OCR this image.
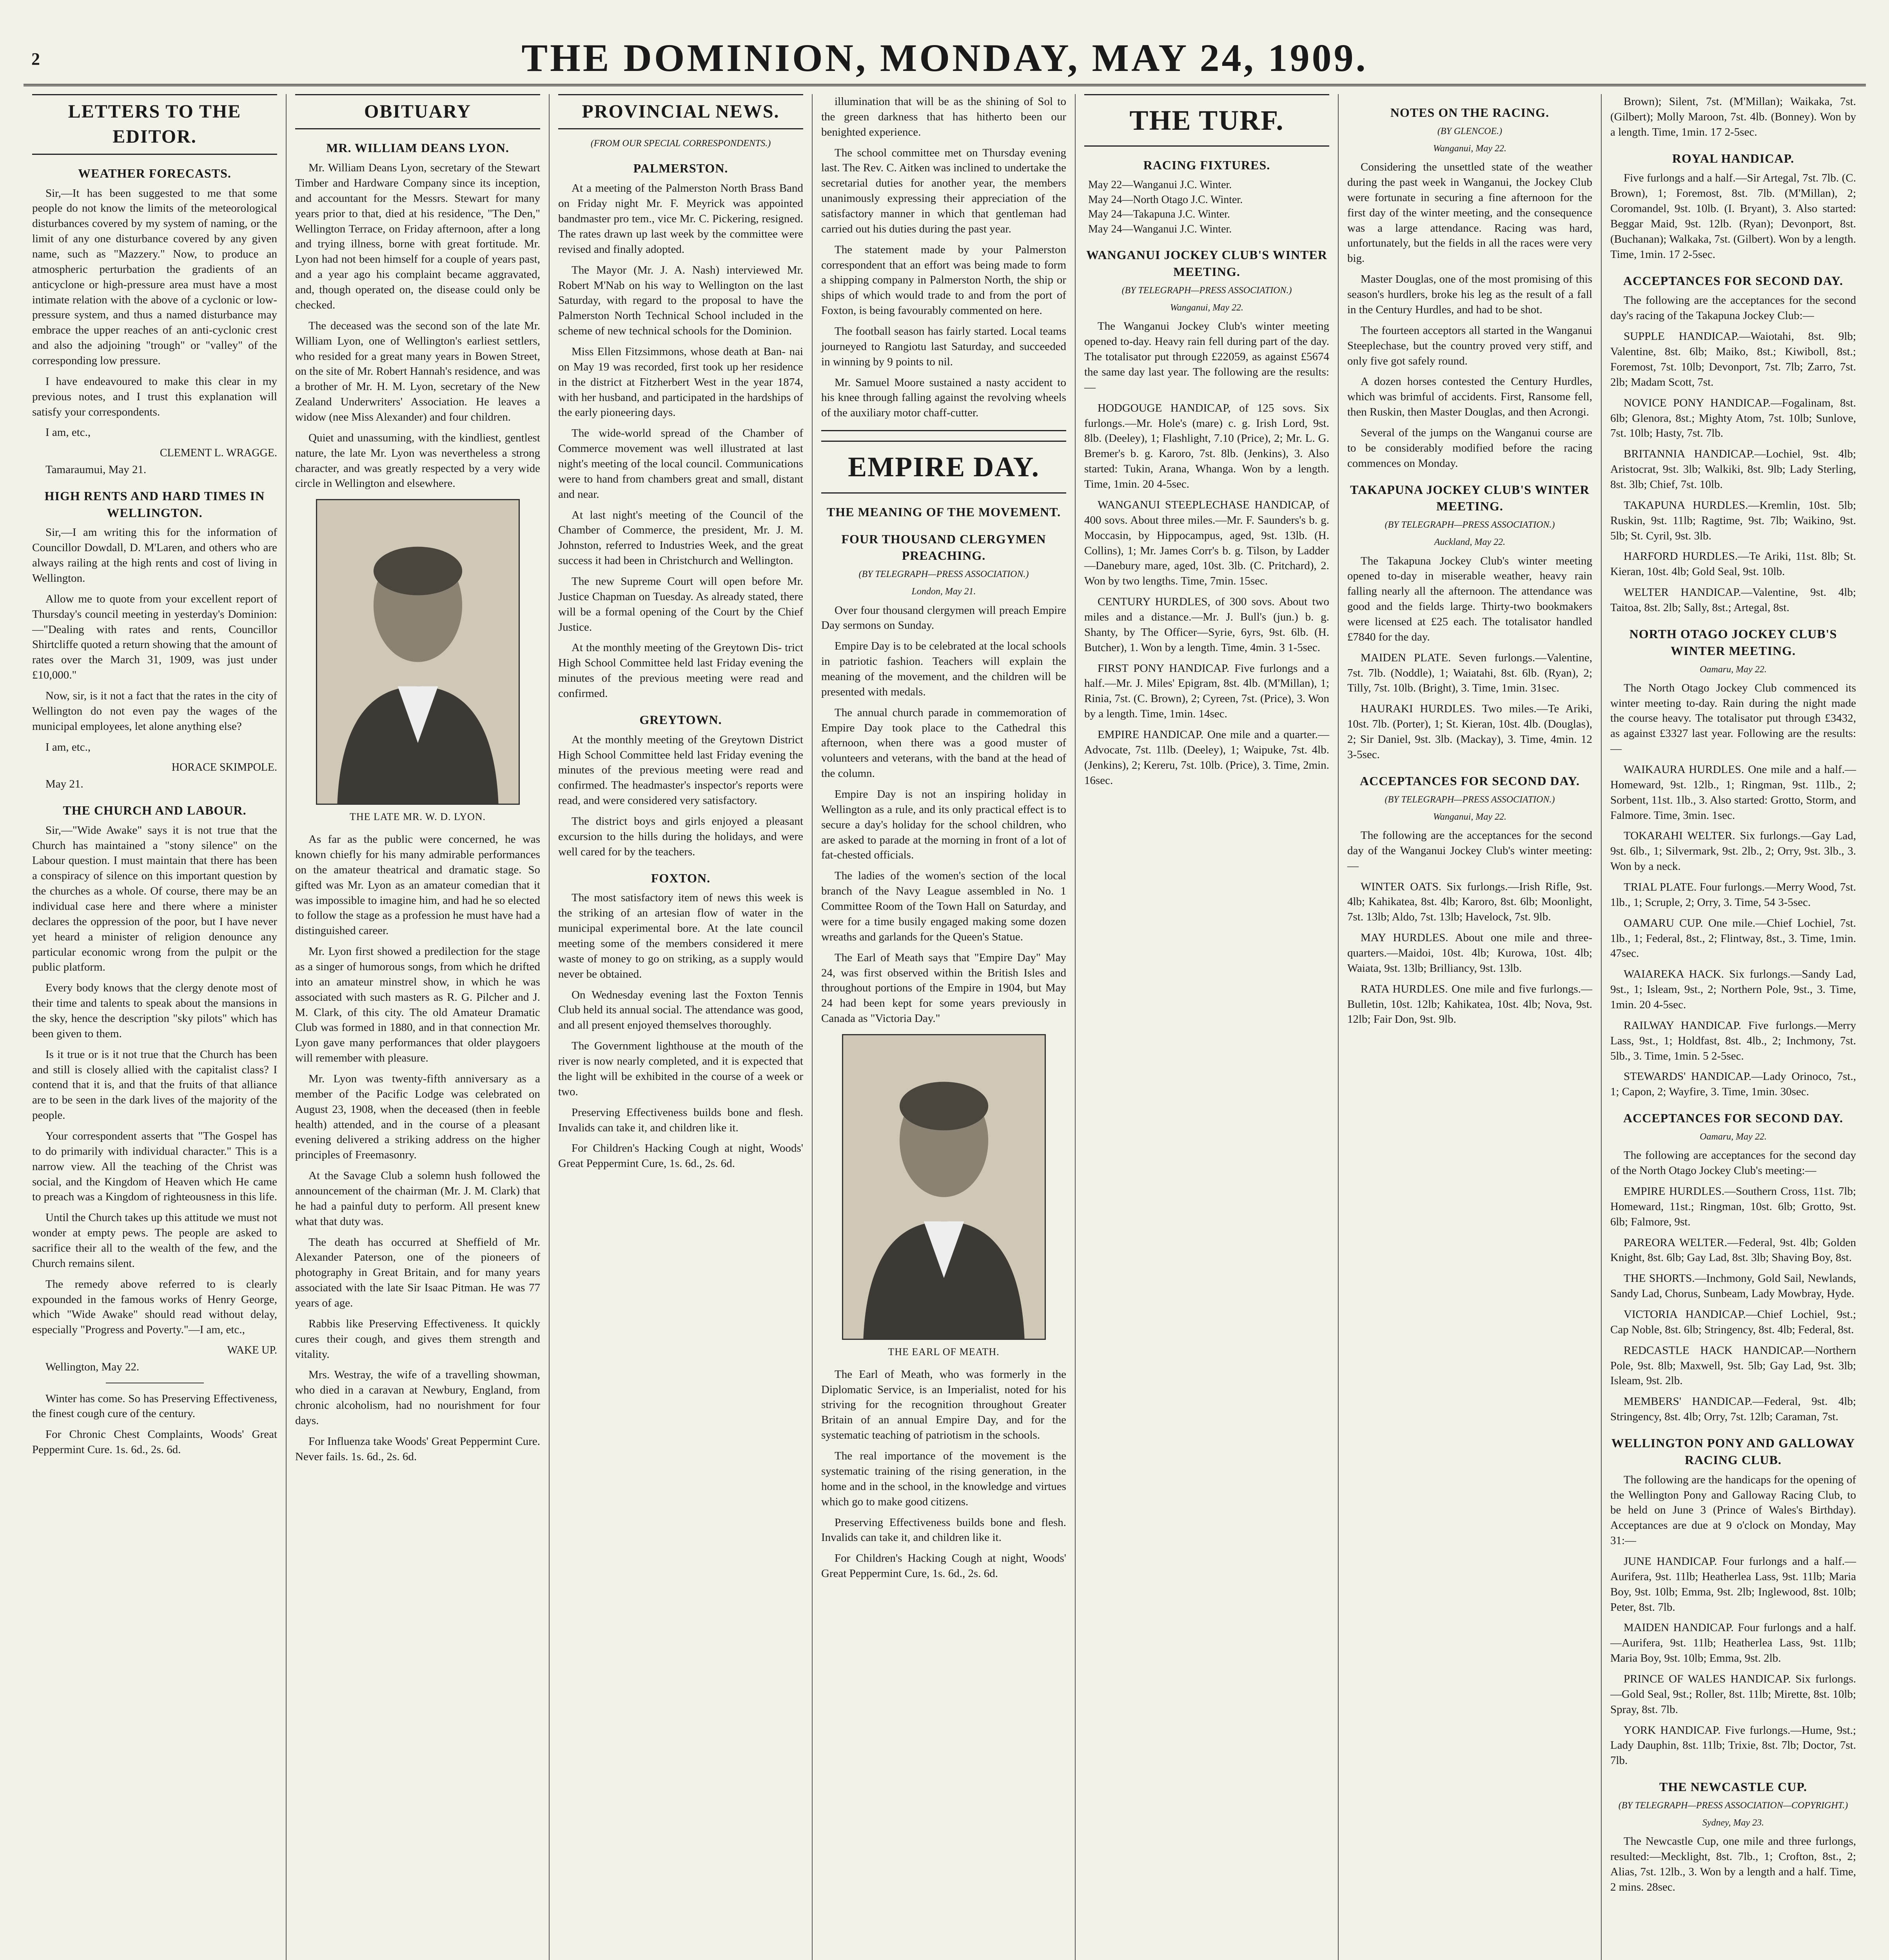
2	THE DOMINION, MONDAY, MAY 24, 1909.
LETTERS TO THE EDITOR.
WEATHER FORECASTS.

Sir,—It has been suggested to me that some people do not know the limits of the meteorological disturbances covered by my system of naming, or the limit of any one disturbance covered by any given name, such as "Mazzery." Now, to produce an atmospheric perturbation the gradients of an anticyclone or high-pressure area must have a most intimate relation with the above of a cyclonic or low-pressure system, and thus a named disturbance may embrace the upper reaches of an anti-cyclonic crest and also the adjoining "trough" or "valley" of the corresponding low pressure.

I have endeavoured to make this clear in my previous notes, and I trust this explanation will satisfy your correspondents.

I am, etc.,

CLEMENT L. WRAGGE.

Tamaraumui, May 21.

HIGH RENTS AND HARD TIMES IN WELLINGTON.

Sir,—I am writing this for the information of Councillor Dowdall, D. M'Laren, and others who are always railing at the high rents and cost of living in Wellington.

Allow me to quote from your excellent report of Thursday's council meeting in yesterday's Dominion:—"Dealing with rates and rents, Councillor Shirtcliffe quoted a return showing that the amount of rates over the March 31, 1909, was just under £10,000."

Now, sir, is it not a fact that the rates in the city of Wellington do not even pay the wages of the municipal employees, let alone anything else?

I am, etc.,

HORACE SKIMPOLE.

May 21.

THE CHURCH AND LABOUR.

Sir,—"Wide Awake" says it is not true that the Church has maintained a "stony silence" on the Labour question. I must maintain that there has been a conspiracy of silence on this important question by the churches as a whole. Of course, there may be an individual case here and there where a minister declares the oppression of the poor, but I have never yet heard a minister of religion denounce any particular economic wrong from the pulpit or the public platform.

Every body knows that the clergy denote most of their time and talents to speak about the mansions in the sky, hence the description "sky pilots" which has been given to them.

Is it true or is it not true that the Church has been and still is closely allied with the capitalist class? I contend that it is, and that the fruits of that alliance are to be seen in the dark lives of the majority of the people.

Your correspondent asserts that "The Gospel has to do primarily with individual character." This is a narrow view. All the teaching of the Christ was social, and the Kingdom of Heaven which He came to preach was a Kingdom of righteousness in this life.

Until the Church takes up this attitude we must not wonder at empty pews. The people are asked to sacrifice their all to the wealth of the few, and the Church remains silent.

The remedy above referred to is clearly expounded in the famous works of Henry George, which "Wide Awake" should read without delay, especially "Progress and Poverty."—I am, etc.,

WAKE UP.

Wellington, May 22.

Winter has come. So has Preserving Effectiveness, the finest cough cure of the century.

For Chronic Chest Complaints, Woods' Great Peppermint Cure. 1s. 6d., 2s. 6d.

OBITUARY
MR. WILLIAM DEANS LYON.

Mr. William Deans Lyon, secretary of the Stewart Timber and Hardware Company since its inception, and accountant for the Messrs. Stewart for many years prior to that, died at his residence, "The Den," Wellington Terrace, on Friday afternoon, after a long and trying illness, borne with great fortitude. Mr. Lyon had not been himself for a couple of years past, and a year ago his complaint became aggravated, and, though operated on, the disease could only be checked.

The deceased was the second son of the late Mr. William Lyon, one of Wellington's earliest settlers, who resided for a great many years in Bowen Street, on the site of Mr. Robert Hannah's residence, and was a brother of Mr. H. M. Lyon, secretary of the New Zealand Underwriters' Association. He leaves a widow (nee Miss Alexander) and four children.

Quiet and unassuming, with the kindliest, gentlest nature, the late Mr. Lyon was nevertheless a strong character, and was greatly respected by a very wide circle in Wellington and elsewhere.

THE LATE MR. W. D. LYON.

As far as the public were concerned, he was known chiefly for his many admirable performances on the amateur theatrical and dramatic stage. So gifted was Mr. Lyon as an amateur comedian that it was impossible to imagine him, and had he so elected to follow the stage as a profession he must have had a distinguished career.

Mr. Lyon first showed a predilection for the stage as a singer of humorous songs, from which he drifted into an amateur minstrel show, in which he was associated with such masters as R. G. Pilcher and J. M. Clark, of this city. The old Amateur Dramatic Club was formed in 1880, and in that connection Mr. Lyon gave many performances that older playgoers will remember with pleasure.

Mr. Lyon was twenty-fifth anniversary as a member of the Pacific Lodge was celebrated on August 23, 1908, when the deceased (then in feeble health) attended, and in the course of a pleasant evening delivered a striking address on the higher principles of Freemasonry.

At the Savage Club a solemn hush followed the announcement of the chairman (Mr. J. M. Clark) that he had a painful duty to perform. All present knew what that duty was.

The death has occurred at Sheffield of Mr. Alexander Paterson, one of the pioneers of photography in Great Britain, and for many years associated with the late Sir Isaac Pitman. He was 77 years of age.

Rabbis like Preserving Effectiveness. It quickly cures their cough, and gives them strength and vitality.

Mrs. Westray, the wife of a travelling showman, who died in a caravan at Newbury, England, from chronic alcoholism, had no nourishment for four days.

For Influenza take Woods' Great Peppermint Cure. Never fails. 1s. 6d., 2s. 6d.

PROVINCIAL NEWS.
(FROM OUR SPECIAL CORRESPONDENTS.)
PALMERSTON.

At a meeting of the Palmerston North Brass Band on Friday night Mr. F. Meyrick was appointed bandmaster pro tem., vice Mr. C. Pickering, resigned. The rates drawn up last week by the committee were revised and finally adopted.

The Mayor (Mr. J. A. Nash) interviewed Mr. Robert M'Nab on his way to Wellington on the last Saturday, with regard to the proposal to have the Palmerston North Technical School included in the scheme of new technical schools for the Dominion.

Miss Ellen Fitzsimmons, whose death at Ban- nai on May 19 was recorded, first took up her residence in the district at Fitzherbert West in the year 1874, with her husband, and participated in the hardships of the early pioneering days.

The wide-world spread of the Chamber of Commerce movement was well illustrated at last night's meeting of the local council. Communications were to hand from chambers great and small, distant and near.

At last night's meeting of the Council of the Chamber of Commerce, the president, Mr. J. M. Johnston, referred to Industries Week, and the great success it had been in Christchurch and Wellington.

The new Supreme Court will open before Mr. Justice Chapman on Tuesday. As already stated, there will be a formal opening of the Court by the Chief Justice.

At the monthly meeting of the Greytown Dis- trict High School Committee held last Friday evening the minutes of the previous meeting were read and confirmed.

GREYTOWN.

At the monthly meeting of the Greytown District High School Committee held last Friday evening the minutes of the previous meeting were read and confirmed. The headmaster's inspector's reports were read, and were considered very satisfactory.

The district boys and girls enjoyed a pleasant excursion to the hills during the holidays, and were well cared for by the teachers.

FOXTON.

The most satisfactory item of news this week is the striking of an artesian flow of water in the municipal experimental bore. At the late council meeting some of the members considered it mere waste of money to go on striking, as a supply would never be obtained.

On Wednesday evening last the Foxton Tennis Club held its annual social. The attendance was good, and all present enjoyed themselves thoroughly.

The Government lighthouse at the mouth of the river is now nearly completed, and it is expected that the light will be exhibited in the course of a week or two.

Preserving Effectiveness builds bone and flesh. Invalids can take it, and children like it.

For Children's Hacking Cough at night, Woods' Great Peppermint Cure, 1s. 6d., 2s. 6d.

illumination that will be as the shining of Sol to the green darkness that has hitherto been our benighted experience.

The school committee met on Thursday evening last. The Rev. C. Aitken was inclined to undertake the secretarial duties for another year, the members unanimously expressing their appreciation of the satisfactory manner in which that gentleman had carried out his duties during the past year.

The statement made by your Palmerston correspondent that an effort was being made to form a shipping company in Palmerston North, the ship or ships of which would trade to and from the port of Foxton, is being favourably commented on here.

The football season has fairly started. Local teams journeyed to Rangiotu last Saturday, and succeeded in winning by 9 points to nil.

Mr. Samuel Moore sustained a nasty accident to his knee through falling against the revolving wheels of the auxiliary motor chaff-cutter.

EMPIRE DAY.
THE MEANING OF THE MOVEMENT.
FOUR THOUSAND CLERGYMEN PREACHING.
(BY TELEGRAPH—PRESS ASSOCIATION.)
London, May 21.

Over four thousand clergymen will preach Empire Day sermons on Sunday.

Empire Day is to be celebrated at the local schools in patriotic fashion. Teachers will explain the meaning of the movement, and the children will be presented with medals.

The annual church parade in commemoration of Empire Day took place to the Cathedral this afternoon, when there was a good muster of volunteers and veterans, with the band at the head of the column.

Empire Day is not an inspiring holiday in Wellington as a rule, and its only practical effect is to secure a day's holiday for the school children, who are asked to parade at the morning in front of a lot of fat-chested officials.

The ladies of the women's section of the local branch of the Navy League assembled in No. 1 Committee Room of the Town Hall on Saturday, and were for a time busily engaged making some dozen wreaths and garlands for the Queen's Statue.

The Earl of Meath says that "Empire Day" May 24, was first observed within the British Isles and throughout portions of the Empire in 1904, but May 24 had been kept for some years previously in Canada as "Victoria Day."

THE EARL OF MEATH.

The Earl of Meath, who was formerly in the Diplomatic Service, is an Imperialist, noted for his striving for the recognition throughout Greater Britain of an annual Empire Day, and for the systematic teaching of patriotism in the schools.

The real importance of the movement is the systematic training of the rising generation, in the home and in the school, in the knowledge and virtues which go to make good citizens.

Preserving Effectiveness builds bone and flesh. Invalids can take it, and children like it.

For Children's Hacking Cough at night, Woods' Great Peppermint Cure, 1s. 6d., 2s. 6d.

THE TURF.
RACING FIXTURES.
May 22—Wanganui J.C. Winter.
May 24—North Otago J.C. Winter.
May 24—Takapuna J.C. Winter.
May 24—Wanganui J.C. Winter.
WANGANUI JOCKEY CLUB'S WINTER MEETING.
(BY TELEGRAPH—PRESS ASSOCIATION.)
Wanganui, May 22.

The Wanganui Jockey Club's winter meeting opened to-day. Heavy rain fell during part of the day. The totalisator put through £22059, as against £5674 the same day last year. The following are the results:—

HODGOUGE HANDICAP, of 125 sovs. Six furlongs.—Mr. Hole's (mare) c. g. Irish Lord, 9st. 8lb. (Deeley), 1; Flashlight, 7.10 (Price), 2; Mr. L. G. Bremer's b. g. Karoro, 7st. 8lb. (Jenkins), 3. Also started: Tukin, Arana, Whanga. Won by a length. Time, 1min. 20 4-5sec.

WANGANUI STEEPLECHASE HANDICAP, of 400 sovs. About three miles.—Mr. F. Saunders's b. g. Moccasin, by Hippocampus, aged, 9st. 13lb. (H. Collins), 1; Mr. James Corr's b. g. Tilson, by Ladder—Danebury mare, aged, 10st. 3lb. (C. Pritchard), 2. Won by two lengths. Time, 7min. 15sec.

CENTURY HURDLES, of 300 sovs. About two miles and a distance.—Mr. J. Bull's (jun.) b. g. Shanty, by The Officer—Syrie, 6yrs, 9st. 6lb. (H. Butcher), 1. Won by a length. Time, 4min. 3 1-5sec.

FIRST PONY HANDICAP. Five furlongs and a half.—Mr. J. Miles' Epigram, 8st. 4lb. (M'Millan), 1; Rinia, 7st. (C. Brown), 2; Cyreen, 7st. (Price), 3. Won by a length. Time, 1min. 14sec.

EMPIRE HANDICAP. One mile and a quarter.—Advocate, 7st. 11lb. (Deeley), 1; Waipuke, 7st. 4lb. (Jenkins), 2; Kereru, 7st. 10lb. (Price), 3. Time, 2min. 16sec.

NOTES ON THE RACING.
(BY GLENCOE.)
Wanganui, May 22.

Considering the unsettled state of the weather during the past week in Wanganui, the Jockey Club were fortunate in securing a fine afternoon for the first day of the winter meeting, and the consequence was a large attendance. Racing was hard, unfortunately, but the fields in all the races were very big.

Master Douglas, one of the most promising of this season's hurdlers, broke his leg as the result of a fall in the Century Hurdles, and had to be shot.

The fourteen acceptors all started in the Wanganui Steeplechase, but the country proved very stiff, and only five got safely round.

A dozen horses contested the Century Hurdles, which was brimful of accidents. First, Ransome fell, then Ruskin, then Master Douglas, and then Acrongi.

Several of the jumps on the Wanganui course are to be considerably modified before the racing commences on Monday.

TAKAPUNA JOCKEY CLUB'S WINTER MEETING.
(BY TELEGRAPH—PRESS ASSOCIATION.)
Auckland, May 22.

The Takapuna Jockey Club's winter meeting opened to-day in miserable weather, heavy rain falling nearly all the afternoon. The attendance was good and the fields large. Thirty-two bookmakers were licensed at £25 each. The totalisator handled £7840 for the day.

MAIDEN PLATE. Seven furlongs.—Valentine, 7st. 7lb. (Noddle), 1; Waiatahi, 8st. 6lb. (Ryan), 2; Tilly, 7st. 10lb. (Bright), 3. Time, 1min. 31sec.

HAURAKI HURDLES. Two miles.—Te Ariki, 10st. 7lb. (Porter), 1; St. Kieran, 10st. 4lb. (Douglas), 2; Sir Daniel, 9st. 3lb. (Mackay), 3. Time, 4min. 12 3-5sec.

ACCEPTANCES FOR SECOND DAY.
(BY TELEGRAPH—PRESS ASSOCIATION.)
Wanganui, May 22.

The following are the acceptances for the second day of the Wanganui Jockey Club's winter meeting:—

WINTER OATS. Six furlongs.—Irish Rifle, 9st. 4lb; Kahikatea, 8st. 4lb; Karoro, 8st. 6lb; Moonlight, 7st. 13lb; Aldo, 7st. 13lb; Havelock, 7st. 9lb.

MAY HURDLES. About one mile and three-quarters.—Maidoi, 10st. 4lb; Kurowa, 10st. 4lb; Waiata, 9st. 13lb; Brilliancy, 9st. 13lb.

RATA HURDLES. One mile and five furlongs.—Bulletin, 10st. 12lb; Kahikatea, 10st. 4lb; Nova, 9st. 12lb; Fair Don, 9st. 9lb.

Brown); Silent, 7st. (M'Millan); Waikaka, 7st. (Gilbert); Molly Maroon, 7st. 4lb. (Bonney). Won by a length. Time, 1min. 17 2-5sec.

ROYAL HANDICAP.

Five furlongs and a half.—Sir Artegal, 7st. 7lb. (C. Brown), 1; Foremost, 8st. 7lb. (M'Millan), 2; Coromandel, 9st. 10lb. (I. Bryant), 3. Also started: Beggar Maid, 9st. 12lb. (Ryan); Devonport, 8st. (Buchanan); Walkaka, 7st. (Gilbert). Won by a length. Time, 1min. 17 2-5sec.

ACCEPTANCES FOR SECOND DAY.

The following are the acceptances for the second day's racing of the Takapuna Jockey Club:—

SUPPLE HANDICAP.—Waiotahi, 8st. 9lb; Valentine, 8st. 6lb; Maiko, 8st.; Kiwiboll, 8st.; Foremost, 7st. 10lb; Devonport, 7st. 7lb; Zarro, 7st. 2lb; Madam Scott, 7st.

NOVICE PONY HANDICAP.—Fogalinam, 8st. 6lb; Glenora, 8st.; Mighty Atom, 7st. 10lb; Sunlove, 7st. 10lb; Hasty, 7st. 7lb.

BRITANNIA HANDICAP.—Lochiel, 9st. 4lb; Aristocrat, 9st. 3lb; Walkiki, 8st. 9lb; Lady Sterling, 8st. 3lb; Chief, 7st. 10lb.

TAKAPUNA HURDLES.—Kremlin, 10st. 5lb; Ruskin, 9st. 11lb; Ragtime, 9st. 7lb; Waikino, 9st. 5lb; St. Cyril, 9st. 3lb.

HARFORD HURDLES.—Te Ariki, 11st. 8lb; St. Kieran, 10st. 4lb; Gold Seal, 9st. 10lb.

WELTER HANDICAP.—Valentine, 9st. 4lb; Taitoa, 8st. 2lb; Sally, 8st.; Artegal, 8st.

NORTH OTAGO JOCKEY CLUB'S WINTER MEETING.
Oamaru, May 22.

The North Otago Jockey Club commenced its winter meeting to-day. Rain during the night made the course heavy. The totalisator put through £3432, as against £3327 last year. Following are the results:—

WAIKAURA HURDLES. One mile and a half.—Homeward, 9st. 12lb., 1; Ringman, 9st. 11lb., 2; Sorbent, 11st. 1lb., 3. Also started: Grotto, Storm, and Falmore. Time, 3min. 1sec.

TOKARAHI WELTER. Six furlongs.—Gay Lad, 9st. 6lb., 1; Silvermark, 9st. 2lb., 2; Orry, 9st. 3lb., 3. Won by a neck.

TRIAL PLATE. Four furlongs.—Merry Wood, 7st. 1lb., 1; Scruple, 2; Orry, 3. Time, 54 3-5sec.

OAMARU CUP. One mile.—Chief Lochiel, 7st. 1lb., 1; Federal, 8st., 2; Flintway, 8st., 3. Time, 1min. 47sec.

WAIAREKA HACK. Six furlongs.—Sandy Lad, 9st., 1; Isleam, 9st., 2; Northern Pole, 9st., 3. Time, 1min. 20 4-5sec.

RAILWAY HANDICAP. Five furlongs.—Merry Lass, 9st., 1; Holdfast, 8st. 4lb., 2; Inchmony, 7st. 5lb., 3. Time, 1min. 5 2-5sec.

STEWARDS' HANDICAP.—Lady Orinoco, 7st., 1; Capon, 2; Wayfire, 3. Time, 1min. 30sec.

ACCEPTANCES FOR SECOND DAY.
Oamaru, May 22.

The following are acceptances for the second day of the North Otago Jockey Club's meeting:—

EMPIRE HURDLES.—Southern Cross, 11st. 7lb; Homeward, 11st.; Ringman, 10st. 6lb; Grotto, 9st. 6lb; Falmore, 9st.

PAREORA WELTER.—Federal, 9st. 4lb; Golden Knight, 8st. 6lb; Gay Lad, 8st. 3lb; Shaving Boy, 8st.

THE SHORTS.—Inchmony, Gold Sail, Newlands, Sandy Lad, Chorus, Sunbeam, Lady Mowbray, Hyde.

VICTORIA HANDICAP.—Chief Lochiel, 9st.; Cap Noble, 8st. 6lb; Stringency, 8st. 4lb; Federal, 8st.

REDCASTLE HACK HANDICAP.—Northern Pole, 9st. 8lb; Maxwell, 9st. 5lb; Gay Lad, 9st. 3lb; Isleam, 9st. 2lb.

MEMBERS' HANDICAP.—Federal, 9st. 4lb; Stringency, 8st. 4lb; Orry, 7st. 12lb; Caraman, 7st.

WELLINGTON PONY AND GALLOWAY RACING CLUB.

The following are the handicaps for the opening of the Wellington Pony and Galloway Racing Club, to be held on June 3 (Prince of Wales's Birthday). Acceptances are due at 9 o'clock on Monday, May 31:—

JUNE HANDICAP. Four furlongs and a half.—Aurifera, 9st. 11lb; Heatherlea Lass, 9st. 11lb; Maria Boy, 9st. 10lb; Emma, 9st. 2lb; Inglewood, 8st. 10lb; Peter, 8st. 7lb.

MAIDEN HANDICAP. Four furlongs and a half.—Aurifera, 9st. 11lb; Heatherlea Lass, 9st. 11lb; Maria Boy, 9st. 10lb; Emma, 9st. 2lb.

PRINCE OF WALES HANDICAP. Six furlongs.—Gold Seal, 9st.; Roller, 8st. 11lb; Mirette, 8st. 10lb; Spray, 8st. 7lb.

YORK HANDICAP. Five furlongs.—Hume, 9st.; Lady Dauphin, 8st. 11lb; Trixie, 8st. 7lb; Doctor, 7st. 7lb.

THE NEWCASTLE CUP.
(BY TELEGRAPH—PRESS ASSOCIATION—COPYRIGHT.)
Sydney, May 23.

The Newcastle Cup, one mile and three furlongs, resulted:—Mecklight, 8st. 7lb., 1; Crofton, 8st., 2; Alias, 7st. 12lb., 3. Won by a length and a half. Time, 2 mins. 28sec.
